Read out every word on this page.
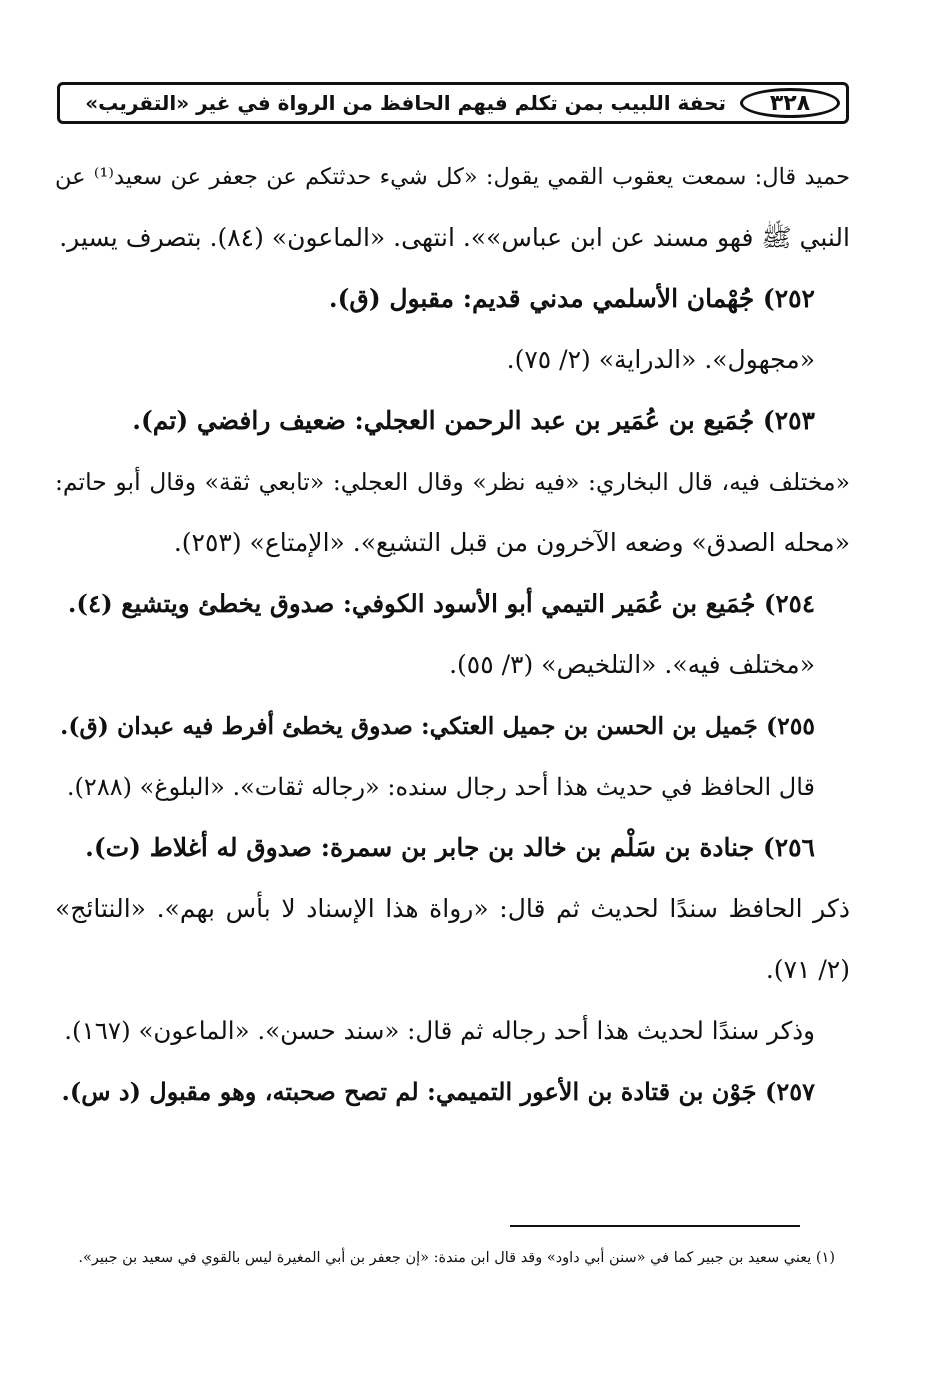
٣٢٨
تحفة اللبيب بمن تكلم فيهم الحافظ من الرواة في غير «التقريب»
حميد قال: سمعت يعقوب القمي يقول: «كل شيء حدثتكم عن جعفر عن سعيد⁽¹⁾ عن
النبي ﷺ فهو مسند عن ابن عباس»». انتهى. «الماعون» (٨٤). بتصرف يسير.
٢٥٢) جُهْمان الأسلمي مدني قديم: مقبول (ق).
«مجهول». «الدراية» (٢/ ٧٥).
٢٥٣) جُمَيع بن عُمَير بن عبد الرحمن العجلي: ضعيف رافضي (تم).
«مختلف فيه، قال البخاري: «فيه نظر» وقال العجلي: «تابعي ثقة» وقال أبو حاتم:
«محله الصدق» وضعه الآخرون من قبل التشيع». «الإمتاع» (٢٥٣).
٢٥٤) جُمَيع بن عُمَير التيمي أبو الأسود الكوفي: صدوق يخطئ ويتشيع (٤).
«مختلف فيه». «التلخيص» (٣/ ٥٥).
٢٥٥) جَميل بن الحسن بن جميل العتكي: صدوق يخطئ أفرط فيه عبدان (ق).
قال الحافظ في حديث هذا أحد رجال سنده: «رجاله ثقات». «البلوغ» (٢٨٨).
٢٥٦) جنادة بن سَلْم بن خالد بن جابر بن سمرة: صدوق له أغلاط (ت).
ذكر الحافظ سندًا لحديث ثم قال: «رواة هذا الإسناد لا بأس بهم». «النتائج»
(٢/ ٧١).
وذكر سندًا لحديث هذا أحد رجاله ثم قال: «سند حسن». «الماعون» (١٦٧).
٢٥٧) جَوْن بن قتادة بن الأعور التميمي: لم تصح صحبته، وهو مقبول (د س).
(١) يعني سعيد بن جبير كما في «سنن أبي داود» وقد قال ابن مندة: «إن جعفر بن أبي المغيرة ليس بالقوي في سعيد بن جبير».
